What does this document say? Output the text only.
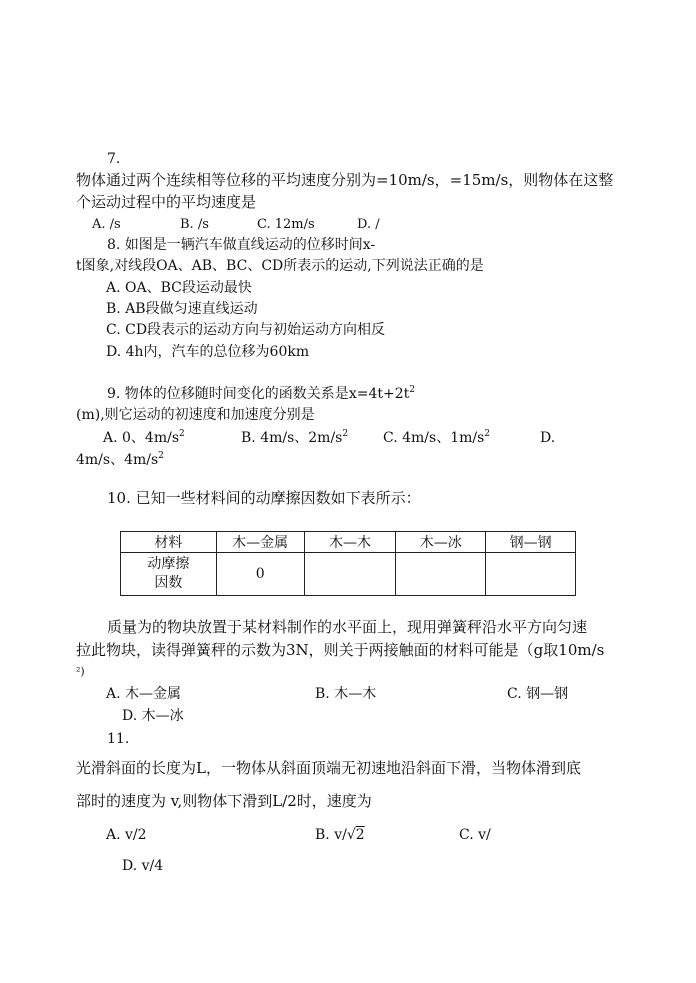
7.
物体通过两个连续相等位移的平均速度分别为=10m/s，=15m/s，则物体在这整
个运动过程中的平均速度是
A. /s	B. /s	C. 12m/s	D. /
8. 如图是一辆汽车做直线运动的位移时间x-
t图象,对线段OA、AB、BC、CD所表示的运动,下列说法正确的是
A. OA、BC段运动最快
B. AB段做匀速直线运动
C. CD段表示的运动方向与初始运动方向相反
D. 4h内，汽车的总位移为60km
9. 物体的位移随时间变化的函数关系是$x=4t+2t^2$
(m),则它运动的初速度和加速度分别是
A. 0、$4m/s^2$	B. 4m/s、$2m/s^2$ C. 4m/s、$1m/s^2$	D.
4m/s、$4m/s^2$
10. 已知一些材料间的动摩擦因数如下表所示：
材料	木—金属	木—木	木—冰	钢—钢
动摩擦
因数	0			
质量为的物块放置于某材料制作的水平面上，现用弹簧秤沿水平方向匀速
拉此物块，读得弹簧秤的示数为3N，则关于两接触面的材料可能是（g取10m/s
²)
A. 木—金属	B. 木—木	C. 钢—钢
D. 木—冰
11.
光滑斜面的长度为L，一物体从斜面顶端无初速地沿斜面下滑，当物体滑到底
部时的速度为 v,则物体下滑到L/2时，速度为
A. v/2	B. v/√2	C. v/
D. v/4
